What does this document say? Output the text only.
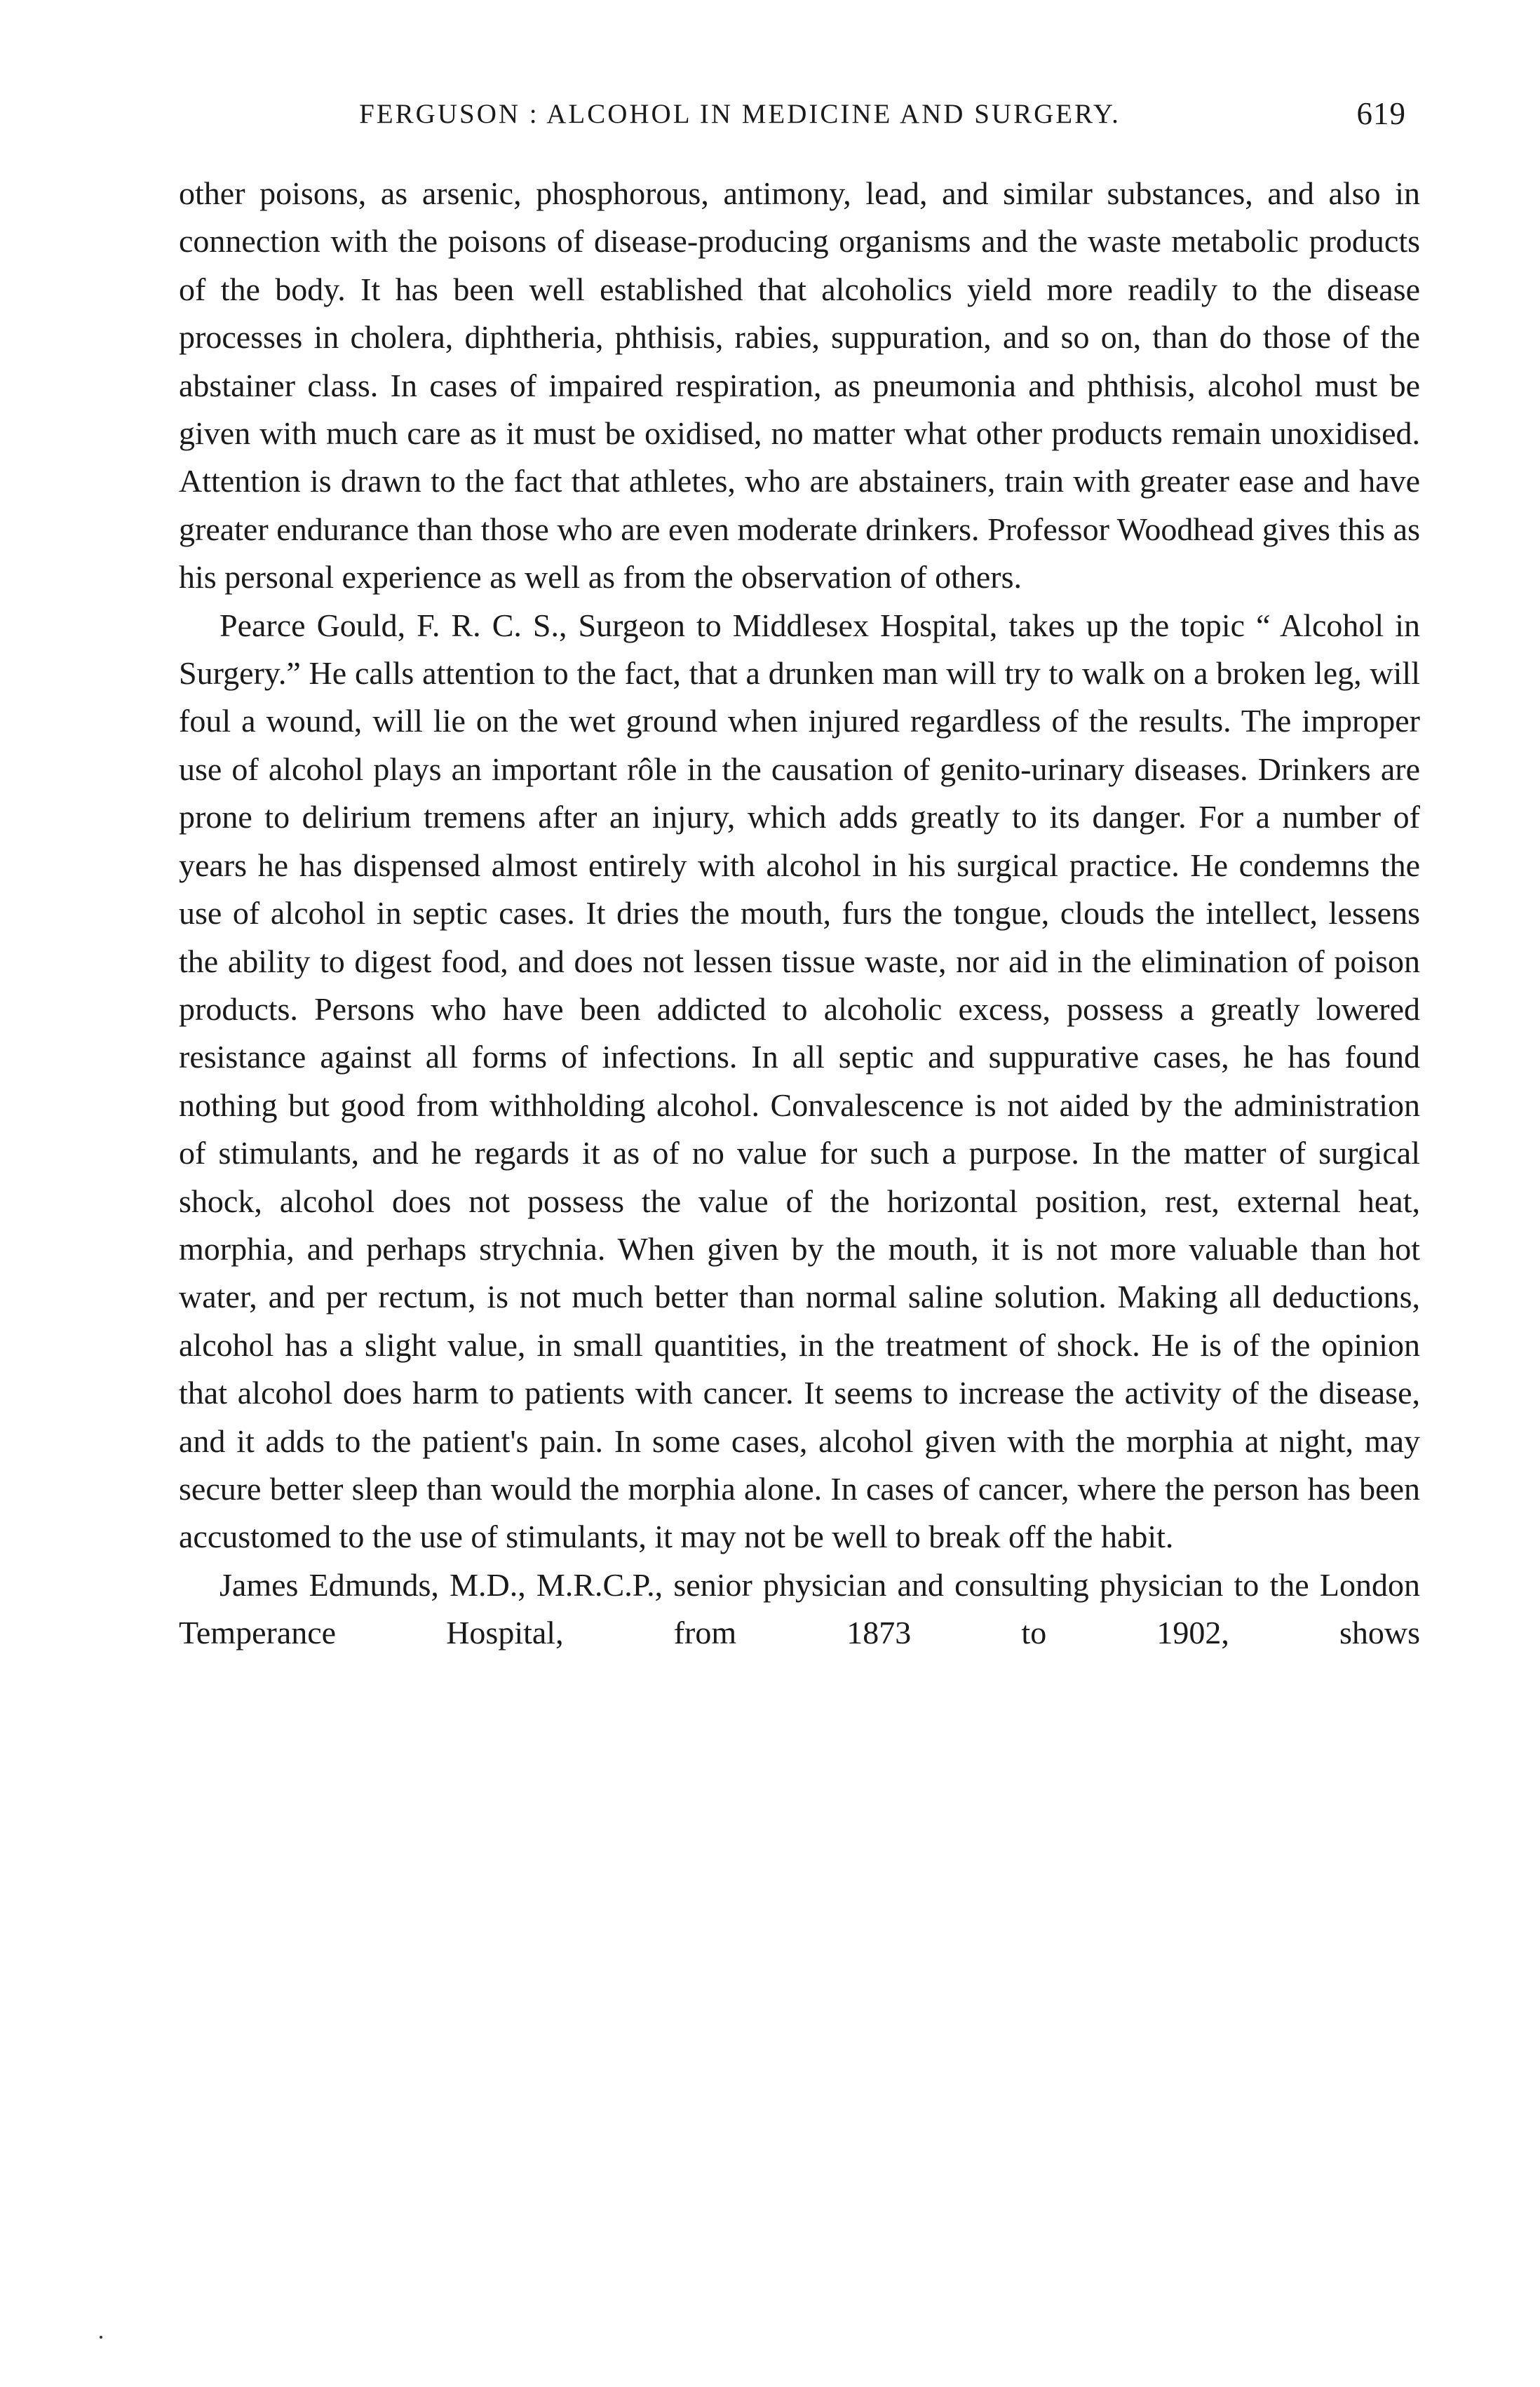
FERGUSON : ALCOHOL IN MEDICINE AND SURGERY.	619

other poisons, as arsenic, phosphorous, antimony, lead, and similar substances, and also in connection with the poisons of disease-producing organisms and the waste metabolic products of the body. It has been well established that alcoholics yield more readily to the disease processes in cholera, diphtheria, phthisis, rabies, suppuration, and so on, than do those of the abstainer class. In cases of impaired respiration, as pneumonia and phthisis, alcohol must be given with much care as it must be oxidised, no matter what other products remain unoxidised. Attention is drawn to the fact that athletes, who are abstainers, train with greater ease and have greater endurance than those who are even moderate drinkers. Professor Woodhead gives this as his personal experience as well as from the observation of others.

Pearce Gould, F. R. C. S., Surgeon to Middlesex Hospital, takes up the topic “ Alcohol in Surgery.” He calls attention to the fact, that a drunken man will try to walk on a broken leg, will foul a wound, will lie on the wet ground when injured regardless of the results. The improper use of alcohol plays an important rôle in the causation of genito-urinary diseases. Drinkers are prone to delirium tremens after an injury, which adds greatly to its danger. For a number of years he has dispensed almost entirely with alcohol in his surgical practice. He condemns the use of alcohol in septic cases. It dries the mouth, furs the tongue, clouds the intellect, lessens the ability to digest food, and does not lessen tissue waste, nor aid in the elimination of poison products. Persons who have been addicted to alcoholic excess, possess a greatly lowered resistance against all forms of infections. In all septic and suppurative cases, he has found nothing but good from withholding alcohol. Convalescence is not aided by the administration of stimulants, and he regards it as of no value for such a purpose. In the matter of surgical shock, alcohol does not possess the value of the horizontal position, rest, external heat, morphia, and perhaps strychnia. When given by the mouth, it is not more valuable than hot water, and per rectum, is not much better than normal saline solution. Making all deductions, alcohol has a slight value, in small quantities, in the treatment of shock. He is of the opinion that alcohol does harm to patients with cancer. It seems to increase the activity of the disease, and it adds to the patient's pain. In some cases, alcohol given with the morphia at night, may secure better sleep than would the morphia alone. In cases of cancer, where the person has been accustomed to the use of stimulants, it may not be well to break off the habit.

James Edmunds, M.D., M.R.C.P., senior physician and consulting physician to the London Temperance Hospital, from 1873 to 1902, shows
